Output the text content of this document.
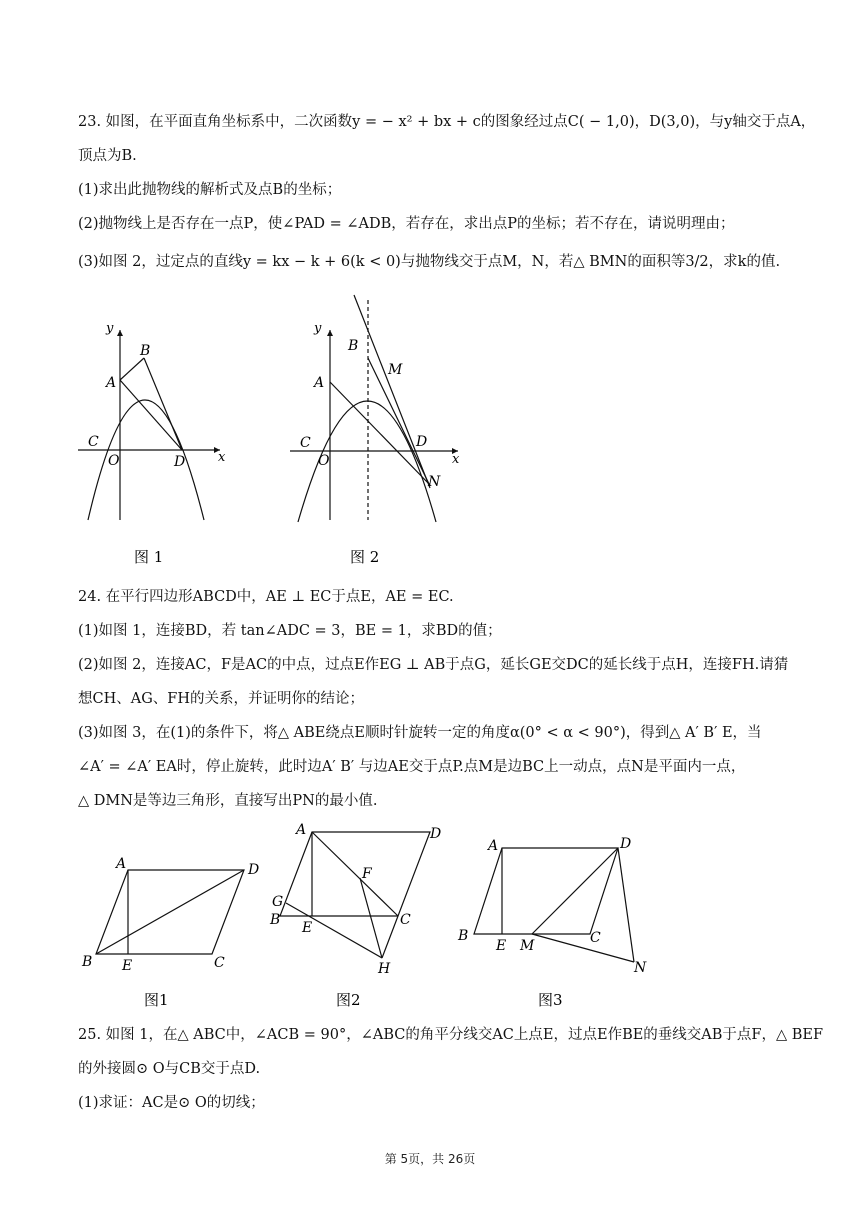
23. 如图，在平面直角坐标系中，二次函数y = − x² + bx + c的图象经过点C( − 1,0)，D(3,0)，与y轴交于点A，
顶点为B.
(1)求出此抛物线的解析式及点B的坐标；
(2)抛物线上是否存在一点P，使∠PAD = ∠ADB，若存在，求出点P的坐标；若不存在，请说明理由；
(3)如图 2，过定点的直线y = kx − k + 6(k < 0)与抛物线交于点M，N，若△ BMN的面积等3/2，求k的值.
y
x
A
B
C
O	D
图 1
y
x
A
B
M
C
O
D
N
图 2
24. 在平行四边形ABCD中，AE ⊥ EC于点E，AE = EC.
(1)如图 1，连接BD，若 tan∠ADC = 3，BE = 1，求BD的值；
(2)如图 2，连接AC，F是AC的中点，过点E作EG ⊥ AB于点G，延长GE交DC的延长线于点H，连接FH.请猜
想CH、AG、FH的关系，并证明你的结论；
(3)如图 3，在(1)的条件下，将△ ABE绕点E顺时针旋转一定的角度α(0° < α < 90°)，得到△ A′ B′ E，当
∠A′ = ∠A′ EA时，停止旋转，此时边A′ B′ 与边AE交于点P.点M是边BC上一动点，点N是平面内一点，
△ DMN是等边三角形，直接写出PN的最小值.
A	D
B E	C
图1
A	D
F
G
B E	C
H
图2
A	D
B
E M	C
N
图3
25. 如图 1，在△ ABC中，∠ACB = 90°，∠ABC的角平分线交AC上点E，过点E作BE的垂线交AB于点F，△ BEF
的外接圆⊙ O与CB交于点D.
(1)求证：AC是⊙ O的切线；
第 5页，共 26页
